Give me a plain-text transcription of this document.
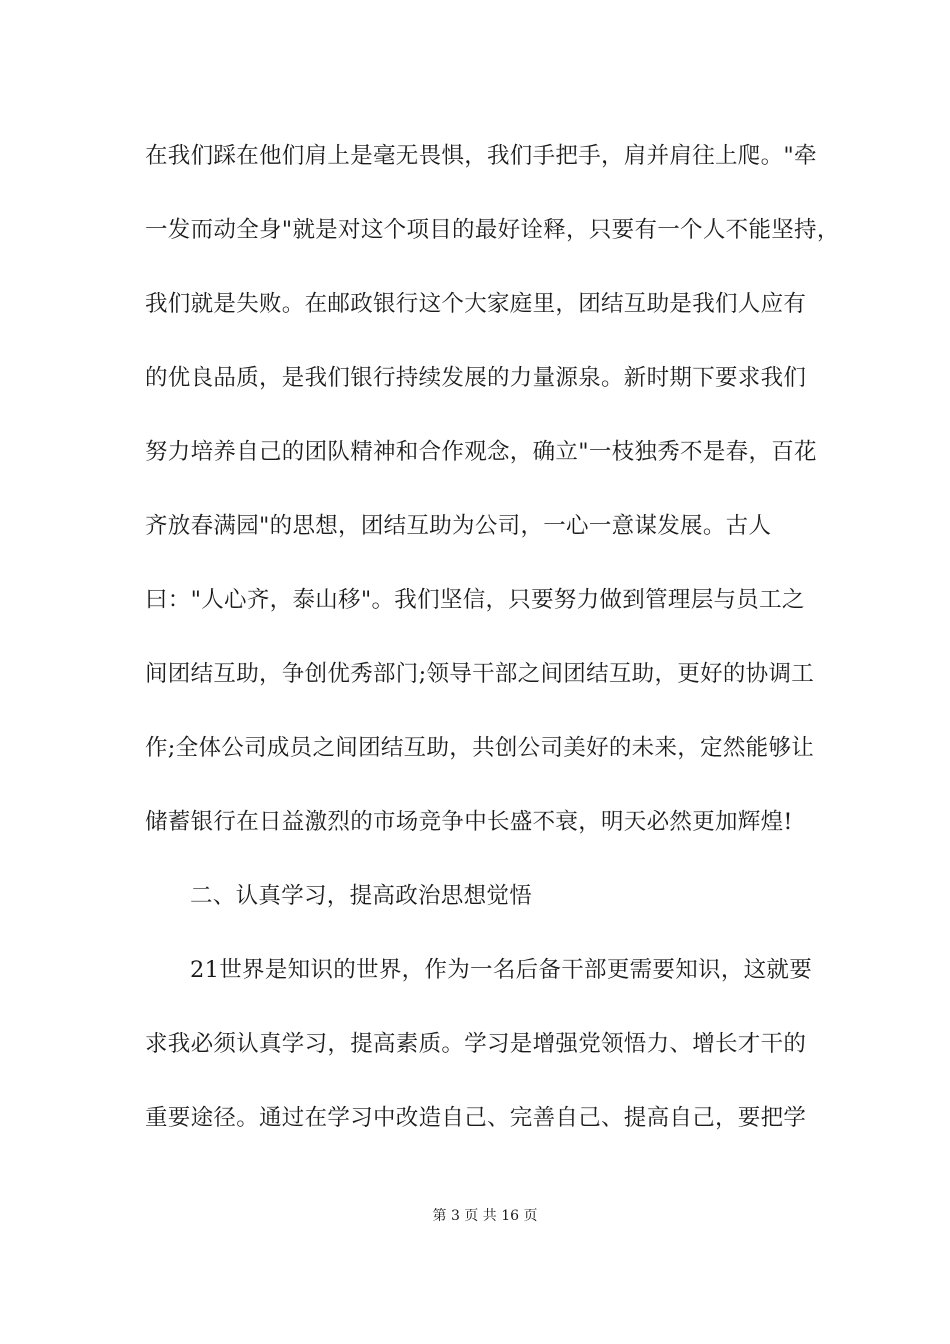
在我们踩在他们肩上是毫无畏惧，我们手把手，肩并肩往上爬。"牵
一发而动全身"就是对这个项目的最好诠释，只要有一个人不能坚持，
我们就是失败。在邮政银行这个大家庭里，团结互助是我们人应有
的优良品质，是我们银行持续发展的力量源泉。新时期下要求我们
努力培养自己的团队精神和合作观念，确立"一枝独秀不是春，百花
齐放春满园"的思想，团结互助为公司，一心一意谋发展。古人
曰："人心齐，泰山移"。我们坚信，只要努力做到管理层与员工之
间团结互助，争创优秀部门;领导干部之间团结互助，更好的协调工
作;全体公司成员之间团结互助，共创公司美好的未来，定然能够让
储蓄银行在日益激烈的市场竞争中长盛不衰，明天必然更加辉煌!
二、认真学习，提高政治思想觉悟
21世界是知识的世界，作为一名后备干部更需要知识，这就要
求我必须认真学习，提高素质。学习是增强党领悟力、增长才干的
重要途径。通过在学习中改造自己、完善自己、提高自己，要把学
第 3 页 共 16 页
